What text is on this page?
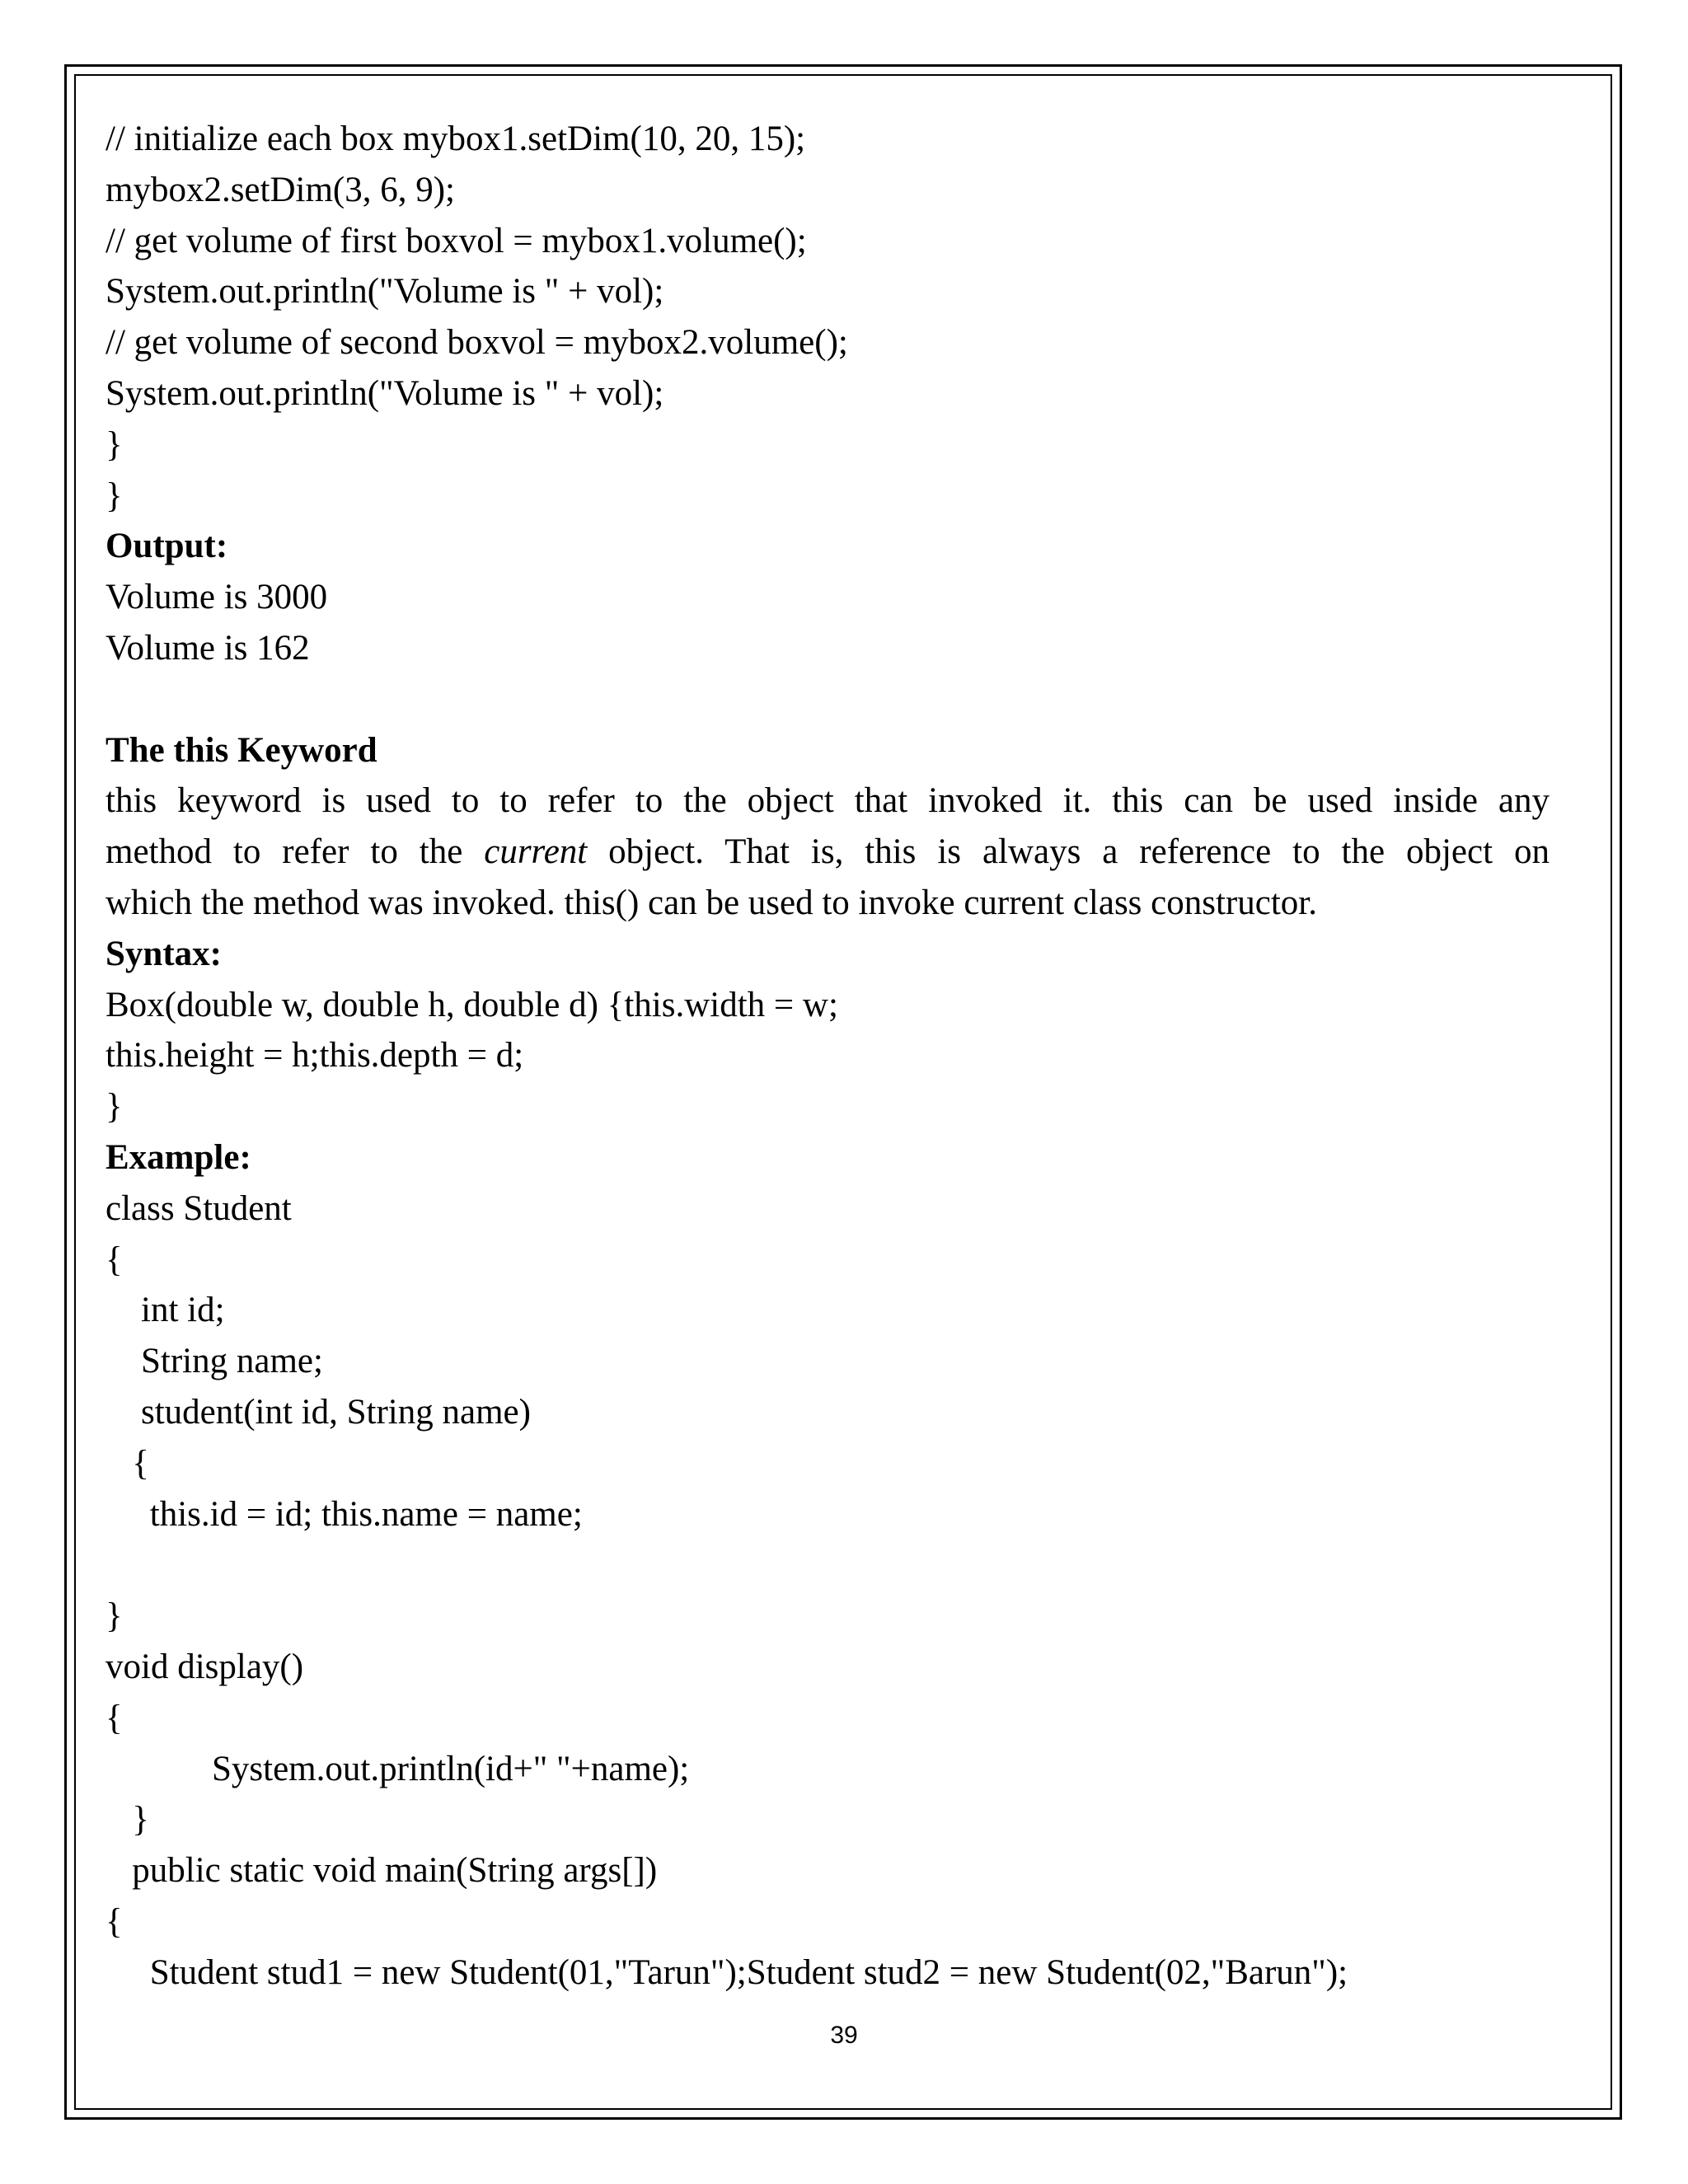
// initialize each box mybox1.setDim(10, 20, 15);
mybox2.setDim(3, 6, 9);
// get volume of first boxvol = mybox1.volume();
System.out.println("Volume is " + vol);
// get volume of second boxvol = mybox2.volume();
System.out.println("Volume is " + vol);
}
}
Output:
Volume is 3000
Volume is 162
The this Keyword
this keyword is used to to refer to the object that invoked it. this can be used inside any
method to refer to the current object. That is, this is always a reference to the object on
which the method was invoked. this() can be used to invoke current class constructor.
Syntax:
Box(double w, double h, double d) {this.width = w;
this.height = h;this.depth = d;
}
Example:
class Student
{
int id;
String name;
student(int id, String name)
{
this.id = id; this.name = name;
}
void display()
{
System.out.println(id+" "+name);
}
public static void main(String args[])
{
Student stud1 = new Student(01,"Tarun");Student stud2 = new Student(02,"Barun");
39
